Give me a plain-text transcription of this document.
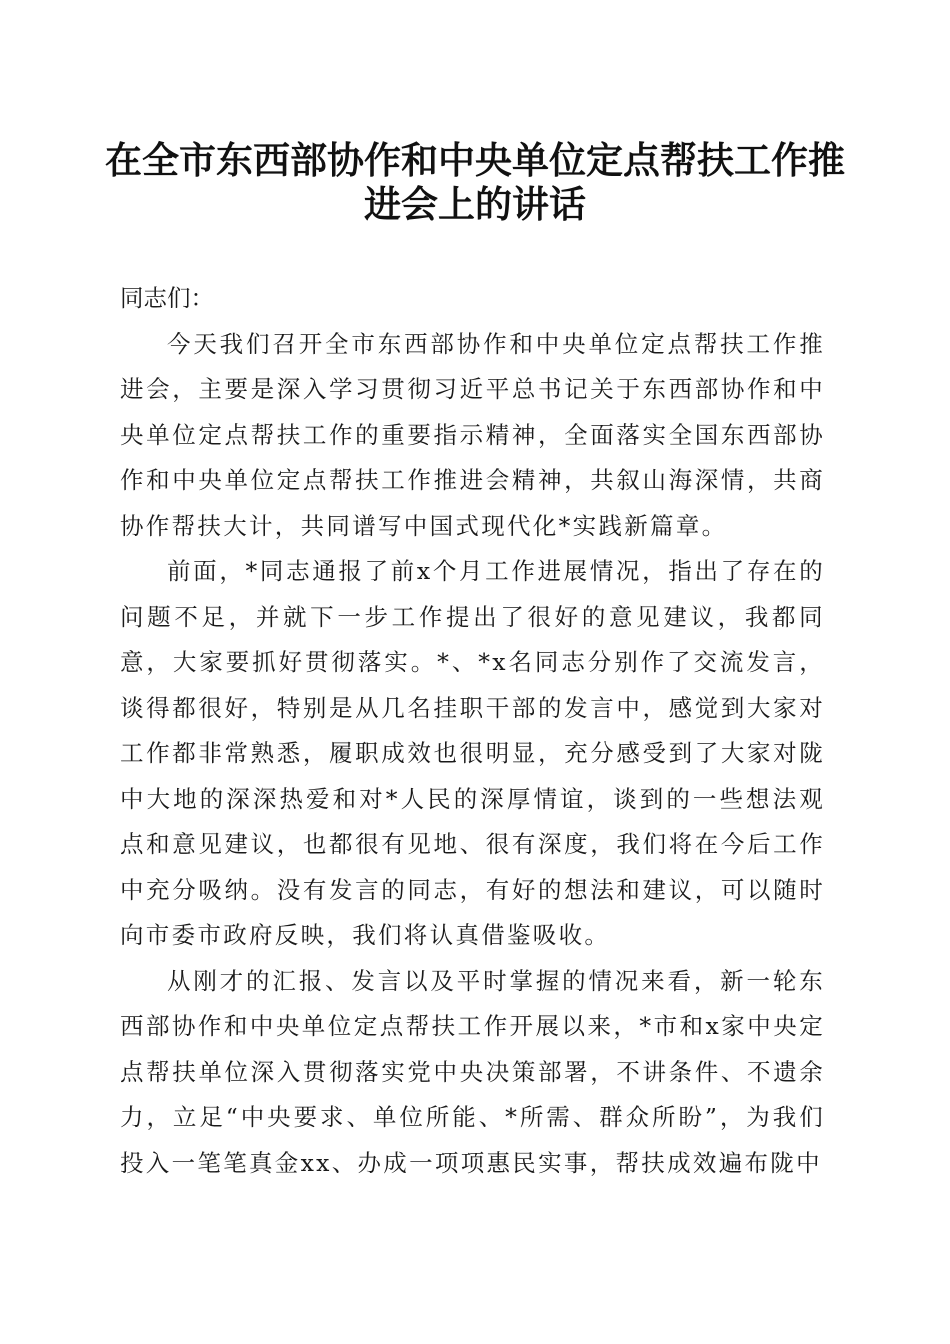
在全市东西部协作和中央单位定点帮扶工作推进会上的讲话

同志们：

今天我们召开全市东西部协作和中央单位定点帮扶工作推进会，主要是深入学习贯彻习近平总书记关于东西部协作和中央单位定点帮扶工作的重要指示精神，全面落实全国东西部协作和中央单位定点帮扶工作推进会精神，共叙山海深情，共商协作帮扶大计，共同谱写中国式现代化*实践新篇章。

前面，*同志通报了前x个月工作进展情况，指出了存在的问题不足，并就下一步工作提出了很好的意见建议，我都同意，大家要抓好贯彻落实。*、*x名同志分别作了交流发言，谈得都很好，特别是从几名挂职干部的发言中，感觉到大家对工作都非常熟悉，履职成效也很明显，充分感受到了大家对陇中大地的深深热爱和对*人民的深厚情谊，谈到的一些想法观点和意见建议，也都很有见地、很有深度，我们将在今后工作中充分吸纳。没有发言的同志，有好的想法和建议，可以随时向市委市政府反映，我们将认真借鉴吸收。

从刚才的汇报、发言以及平时掌握的情况来看，新一轮东西部协作和中央单位定点帮扶工作开展以来，*市和x家中央定点帮扶单位深入贯彻落实党中央决策部署，不讲条件、不遗余力，立足“中央要求、单位所能、*所需、群众所盼”，为我们投入一笔笔真金xx、办成一项项惠民实事，帮扶成效遍布陇中
